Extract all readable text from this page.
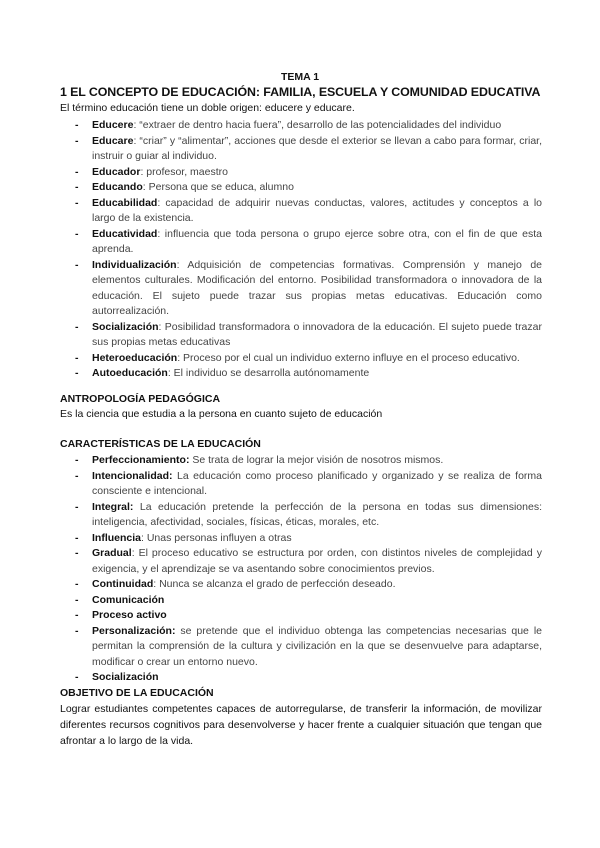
TEMA 1
1 EL CONCEPTO DE EDUCACIÓN: FAMILIA, ESCUELA Y COMUNIDAD EDUCATIVA
El término educación tiene un doble origen: educere y educare.
- Educere: “extraer de dentro hacia fuera”, desarrollo de las potencialidades del individuo
- Educare: “criar” y “alimentar”, acciones que desde el exterior se llevan a cabo para formar, criar, instruir o guiar al individuo.
- Educador: profesor, maestro
- Educando: Persona que se educa, alumno
- Educabilidad: capacidad de adquirir nuevas conductas, valores, actitudes y conceptos a lo largo de la existencia.
- Educatividad: influencia que toda persona o grupo ejerce sobre otra, con el fin de que esta aprenda.
- Individualización: Adquisición de competencias formativas. Comprensión y manejo de elementos culturales. Modificación del entorno. Posibilidad transformadora o innovadora de la educación. El sujeto puede trazar sus propias metas educativas. Educación como autorrealización.
- Socialización: Posibilidad transformadora o innovadora de la educación. El sujeto puede trazar sus propias metas educativas
- Heteroeducación: Proceso por el cual un individuo externo influye en el proceso educativo.
- Autoeducación: El individuo se desarrolla autónomamente
ANTROPOLOGÍA PEDAGÓGICA
Es la ciencia que estudia a la persona en cuanto sujeto de educación
CARACTERÍSTICAS DE LA EDUCACIÓN
- Perfeccionamiento: Se trata de lograr la mejor visión de nosotros mismos.
- Intencionalidad: La educación como proceso planificado y organizado y se realiza de forma consciente e intencional.
- Integral: La educación pretende la perfección de la persona en todas sus dimensiones: inteligencia, afectividad, sociales, físicas, éticas, morales, etc.
- Influencia: Unas personas influyen a otras
- Gradual: El proceso educativo se estructura por orden, con distintos niveles de complejidad y exigencia, y el aprendizaje se va asentando sobre conocimientos previos.
- Continuidad: Nunca se alcanza el grado de perfección deseado.
- Comunicación
- Proceso activo
- Personalización: se pretende que el individuo obtenga las competencias necesarias que le permitan la comprensión de la cultura y civilización en la que se desenvuelve para adaptarse, modificar o crear un entorno nuevo.
- Socialización
OBJETIVO DE LA EDUCACIÓN
Lograr estudiantes competentes capaces de autorregularse, de transferir la información, de movilizar diferentes recursos cognitivos para desenvolverse y hacer frente a cualquier situación que tengan que afrontar a lo largo de la vida.
